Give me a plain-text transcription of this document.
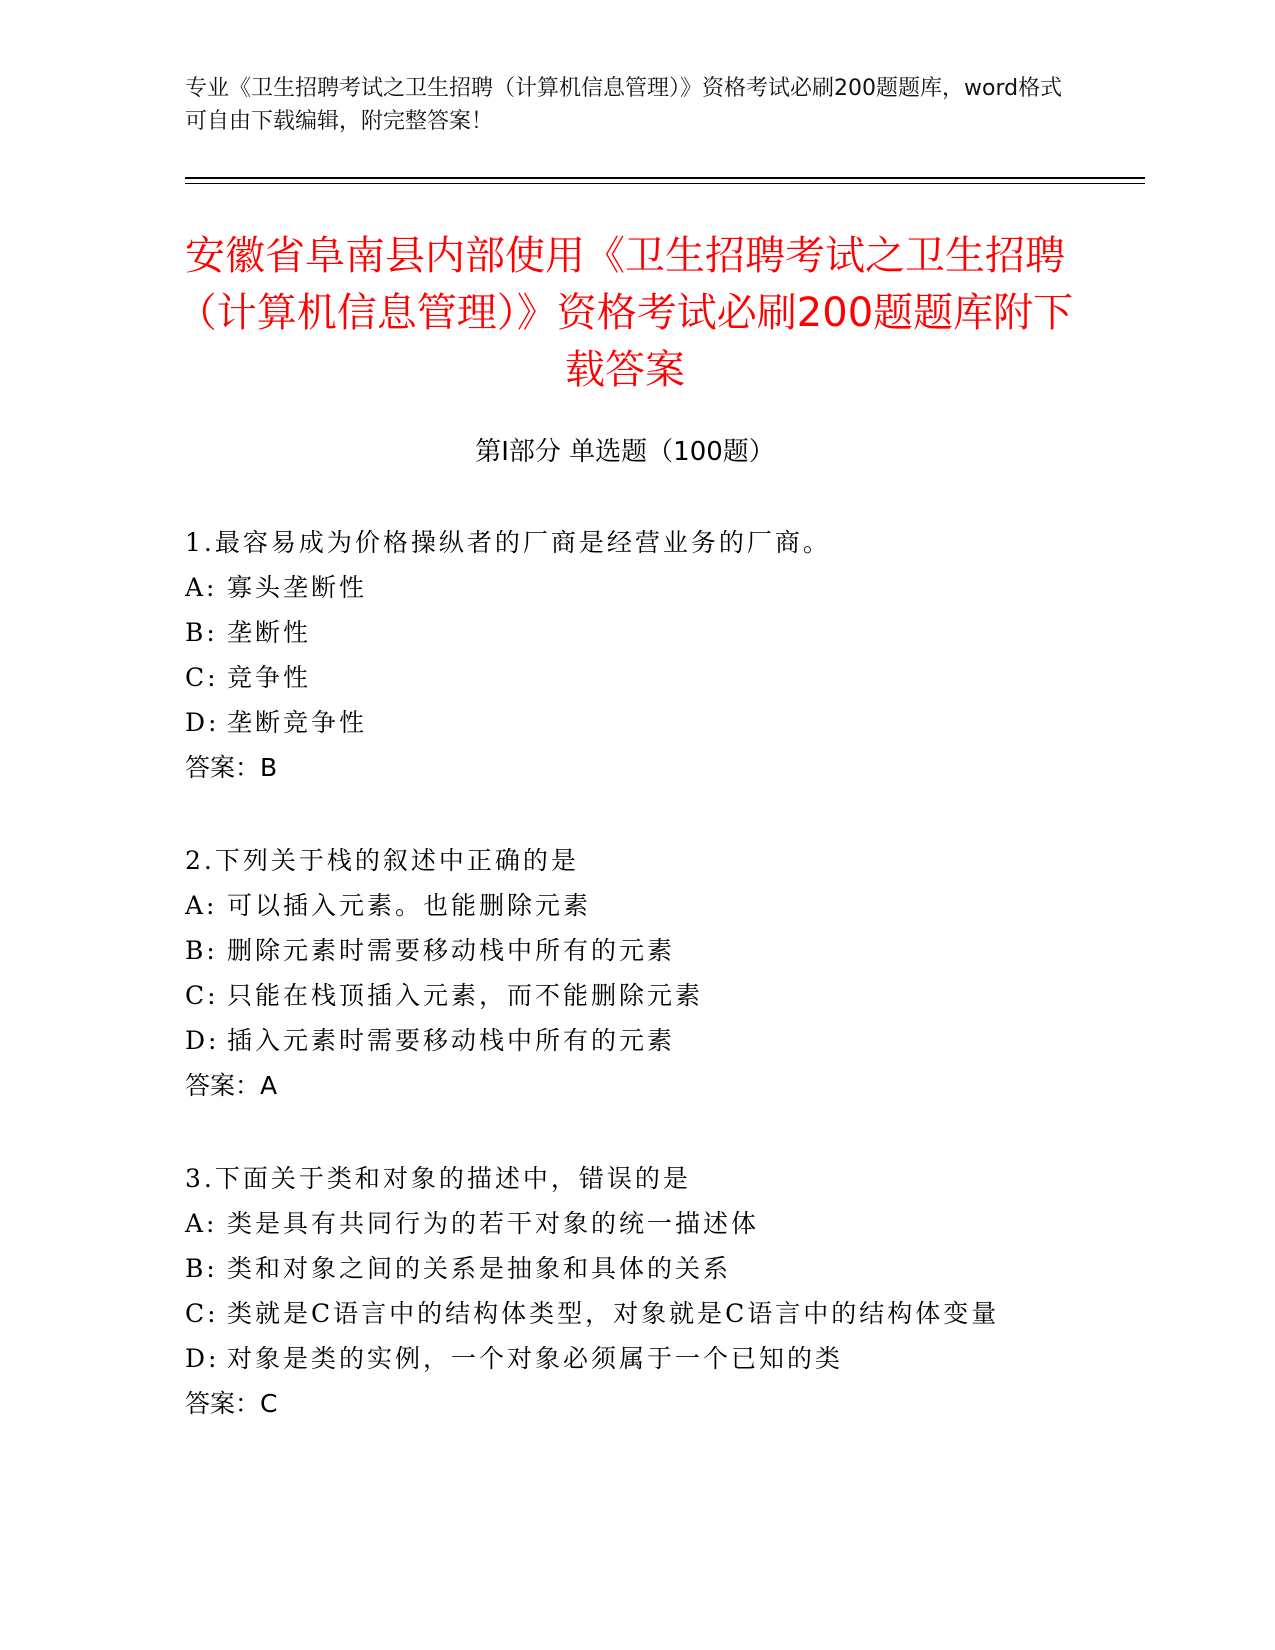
专业《卫生招聘考试之卫生招聘（计算机信息管理）》资格考试必刷200题题库，word格式可自由下载编辑，附完整答案！
安徽省阜南县内部使用《卫生招聘考试之卫生招聘（计算机信息管理）》资格考试必刷200题题库附下载答案
第Ⅰ部分 单选题（100题）
1.最容易成为价格操纵者的厂商是经营业务的厂商。
A: 寡头垄断性
B: 垄断性
C: 竞争性
D: 垄断竞争性
答案：B
2.下列关于栈的叙述中正确的是
A: 可以插入元素。也能删除元素
B: 删除元素时需要移动栈中所有的元素
C: 只能在栈顶插入元素，而不能删除元素
D: 插入元素时需要移动栈中所有的元素
答案：A
3.下面关于类和对象的描述中，错误的是
A: 类是具有共同行为的若干对象的统一描述体
B: 类和对象之间的关系是抽象和具体的关系
C: 类就是C语言中的结构体类型，对象就是C语言中的结构体变量
D: 对象是类的实例，一个对象必须属于一个已知的类
答案：C
